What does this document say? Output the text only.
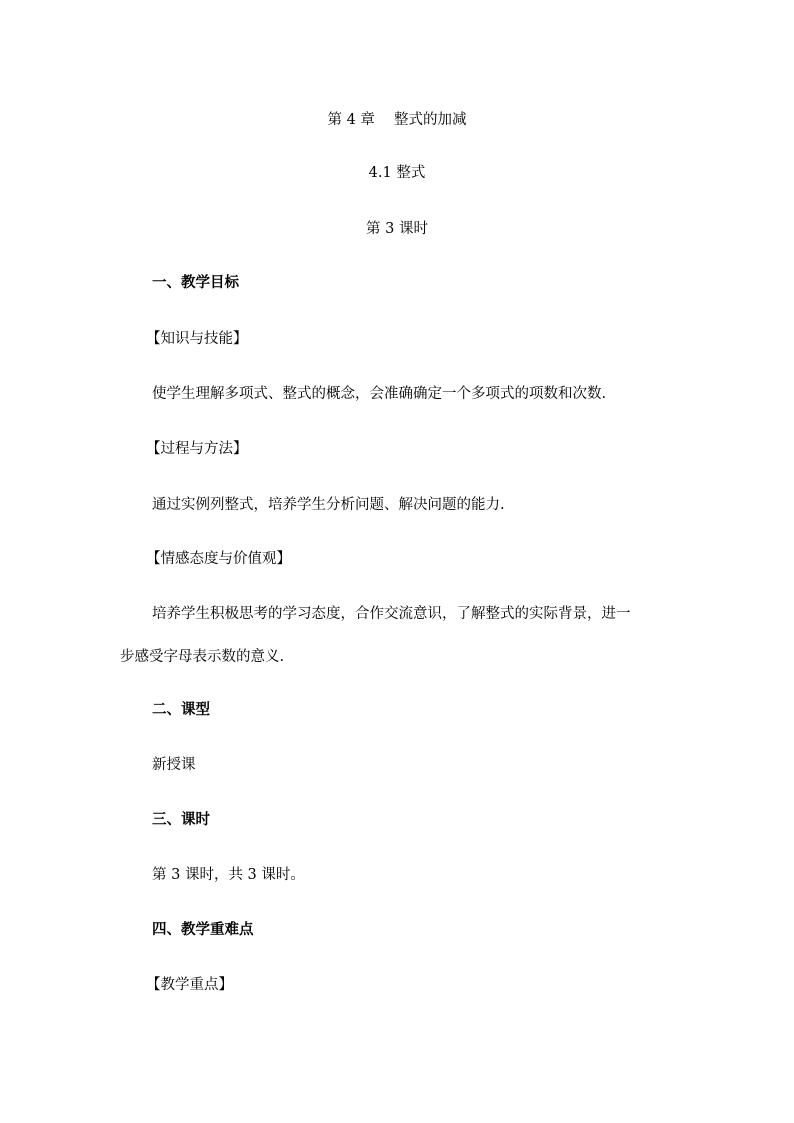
第 4 章　 整式的加减

4.1 整式

第 3 课时

一、教学目标

【知识与技能】

使学生理解多项式、整式的概念，会准确确定一个多项式的项数和次数.

【过程与方法】

通过实例列整式，培养学生分析问题、解决问题的能力.

【情感态度与价值观】

培养学生积极思考的学习态度，合作交流意识，了解整式的实际背景，进一

步感受字母表示数的意义.

二、课型

新授课

三、课时

第 3 课时，共 3 课时。

四、教学重难点

【教学重点】
